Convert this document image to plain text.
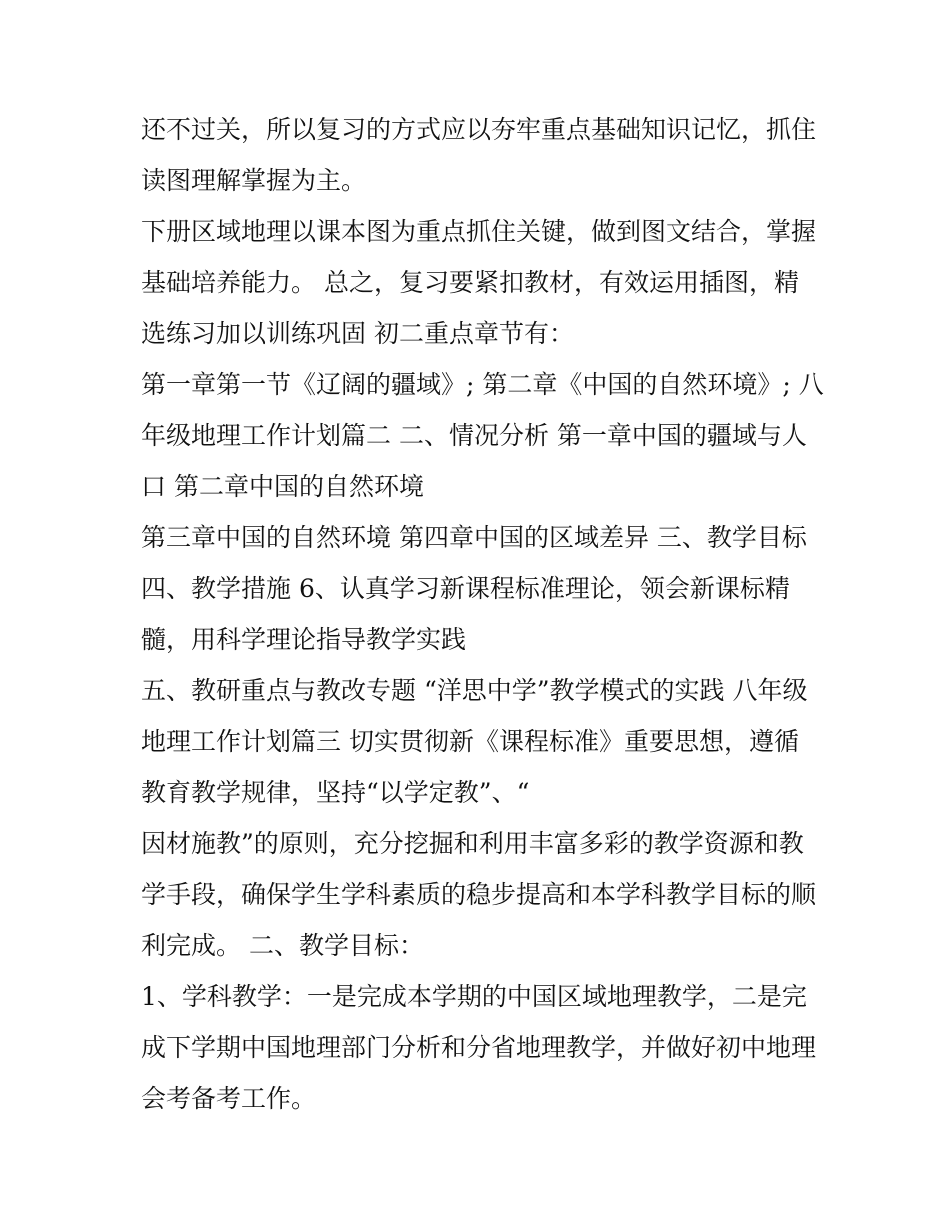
还不过关，所以复习的方式应以夯牢重点基础知识记忆，抓住
读图理解掌握为主。
下册区域地理以课本图为重点抓住关键，做到图文结合，掌握
基础培养能力。 总之，复习要紧扣教材，有效运用插图，精
选练习加以训练巩固 初二重点章节有：
第一章第一节《辽阔的疆域》; 第二章《中国的自然环境》; 八
年级地理工作计划篇二 二、情况分析 第一章中国的疆域与人
口 第二章中国的自然环境
第三章中国的自然环境 第四章中国的区域差异 三、教学目标
四、教学措施 6、认真学习新课程标准理论，领会新课标精
髓，用科学理论指导教学实践
五、教研重点与教改专题 “洋思中学”教学模式的实践 八年级
地理工作计划篇三 切实贯彻新《课程标准》重要思想，遵循
教育教学规律，坚持“以学定教”、“
因材施教”的原则，充分挖掘和利用丰富多彩的教学资源和教
学手段，确保学生学科素质的稳步提高和本学科教学目标的顺
利完成。 二、教学目标：
1、学科教学：一是完成本学期的中国区域地理教学，二是完
成下学期中国地理部门分析和分省地理教学，并做好初中地理
会考备考工作。
